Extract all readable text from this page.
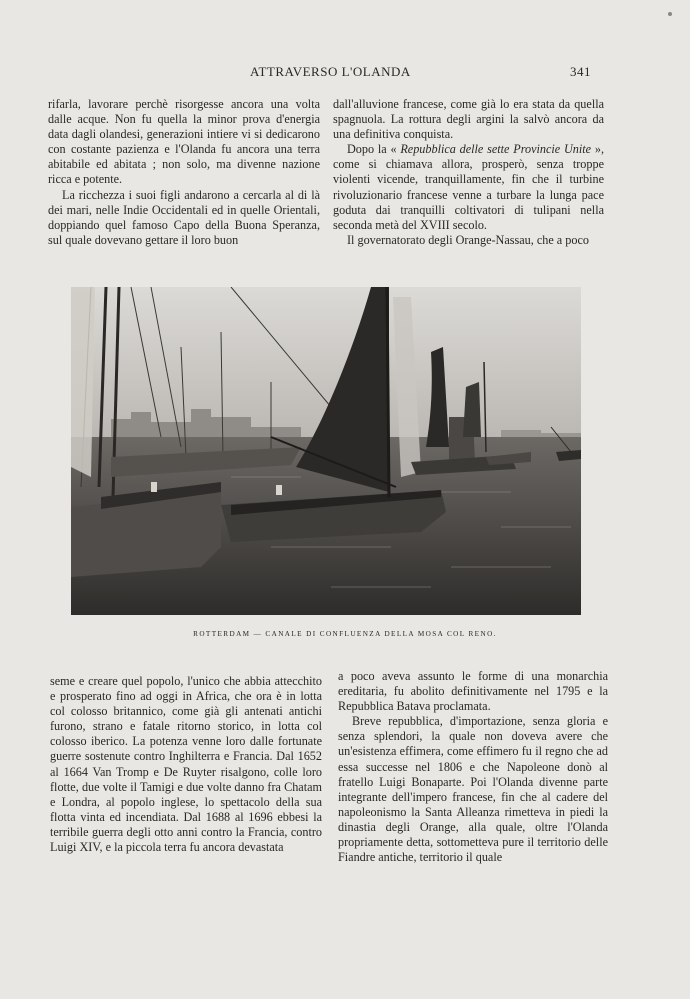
ATTRAVERSO L'OLANDA	341

rifarla, lavorare perchè risorgesse ancora una volta dalle acque. Non fu quella la minor prova d'energia data dagli olandesi, generazioni intiere vi si dedicarono con costante pazienza e l'Olanda fu ancora una terra abitabile ed abitata ; non solo, ma divenne nazione ricca e potente.

La ricchezza i suoi figli andarono a cercarla al di là dei mari, nelle Indie Occidentali ed in quelle Orientali, doppiando quel famoso Capo della Buona Speranza, sul quale dovevano gettare il loro buon

dall'alluvione francese, come già lo era stata da quella spagnuola. La rottura degli argini la salvò ancora da una definitiva conquista.

Dopo la « Repubblica delle sette Provincie Unite », come si chiamava allora, prosperò, senza troppe violenti vicende, tranquillamente, fin che il turbine rivoluzionario francese venne a turbare la lunga pace goduta dai tranquilli coltivatori di tulipani nella seconda metà del XVIII secolo.

Il governatorato degli Orange-Nassau, che a poco

ROTTERDAM — CANALE DI CONFLUENZA DELLA MOSA COL RENO.

seme e creare quel popolo, l'unico che abbia attecchito e prosperato fino ad oggi in Africa, che ora è in lotta col colosso britannico, come già gli antenati antichi furono, strano e fatale ritorno storico, in lotta col colosso iberico. La potenza venne loro dalle fortunate guerre sostenute contro Inghilterra e Francia. Dal 1652 al 1664 Van Tromp e De Ruyter risalgono, colle loro flotte, due volte il Tamigi e due volte danno fra Chatam e Londra, al popolo inglese, lo spettacolo della sua flotta vinta ed incendiata. Dal 1688 al 1696 ebbesi la terribile guerra degli otto anni contro la Francia, contro Luigi XIV, e la piccola terra fu ancora devastata

a poco aveva assunto le forme di una monarchia ereditaria, fu abolito definitivamente nel 1795 e la Repubblica Batava proclamata.

Breve repubblica, d'importazione, senza gloria e senza splendori, la quale non doveva avere che un'esistenza effimera, come effimero fu il regno che ad essa successe nel 1806 e che Napoleone donò al fratello Luigi Bonaparte. Poi l'Olanda divenne parte integrante dell'impero francese, fin che al cadere del napoleonismo la Santa Alleanza rimetteva in piedi la dinastia degli Orange, alla quale, oltre l'Olanda propriamente detta, sottometteva pure il territorio delle Fiandre antiche, territorio il quale
